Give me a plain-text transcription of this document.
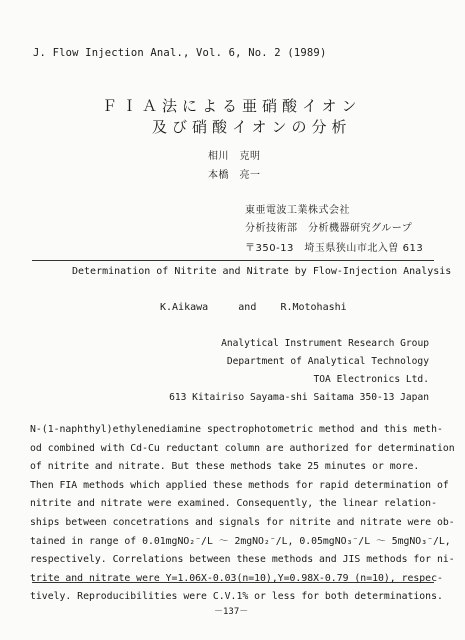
J. Flow Injection Anal., Vol. 6, No. 2 (1989)
ＦＩＡ法による亜硝酸イオン
及び硝酸イオンの分析
相川　克明
本橋　亮一
東亜電波工業株式会社
分析技術部　分析機器研究グループ
〒350-13　埼玉県狭山市北入曽 613
Determination of Nitrite and Nitrate by Flow-Injection Analysis
K.Aikawa	and R.Motohashi
Analytical Instrument Research Group
Department of Analytical Technology
TOA Electronics Ltd.
613 Kitairiso Sayama-shi Saitama 350-13 Japan
N-(1-naphthyl)ethylenediamine spectrophotometric method and this meth-
od combined with Cd-Cu reductant column are authorized for determination
of nitrite and nitrate. But these methods take 25 minutes or more.
Then FIA methods which applied these methods for rapid determination of
nitrite and nitrate were examined. Consequently, the linear relation-
ships between concetrations and signals for nitrite and nitrate were ob-
tained in range of 0.01mgNO₂⁻/L ～ 2mgNO₂⁻/L, 0.05mgNO₃⁻/L ～ 5mgNO₃⁻/L,
respectively. Correlations between these methods and JIS methods for ni-
trite and nitrate were Y=1.06X-0.03(n=10),Y=0.98X-0.79 (n=10), respec-
tively. Reproducibilities were C.V.1% or less for both determinations.
－137－
